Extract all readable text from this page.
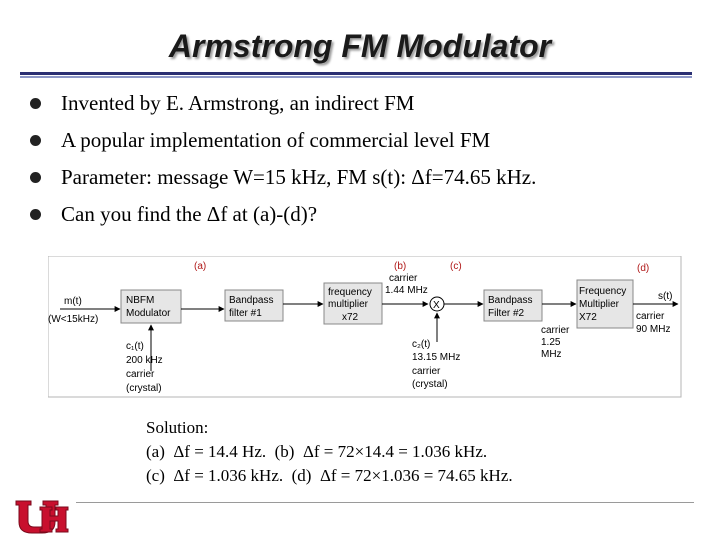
Armstrong FM Modulator
Invented by E. Armstrong, an indirect FM
A popular implementation of commercial level FM
Parameter: message W=15 kHz, FM s(t): Δf=74.65 kHz.
Can you find the Δf at (a)-(d)?
(a)	(b)	(c)	(d)
m(t)
(W<15kHz)
NBFM
Modulator
c₁(t)
200 kHz
carrier
(crystal)
Bandpass
filter #1
frequency
multiplier
x72
carrier
1.44 MHz
X
c₂(t)
13.15 MHz
carrier
(crystal)
Bandpass
Filter #2
carrier
1.25
MHz
Frequency
Multiplier
X72
s(t)
carrier
90 MHz
Solution:
(a)  Δf = 14.4 Hz.  (b)  Δf = 72×14.4 = 1.036 kHz.
(c)  Δf = 1.036 kHz.  (d)  Δf = 72×1.036 = 74.65 kHz.
